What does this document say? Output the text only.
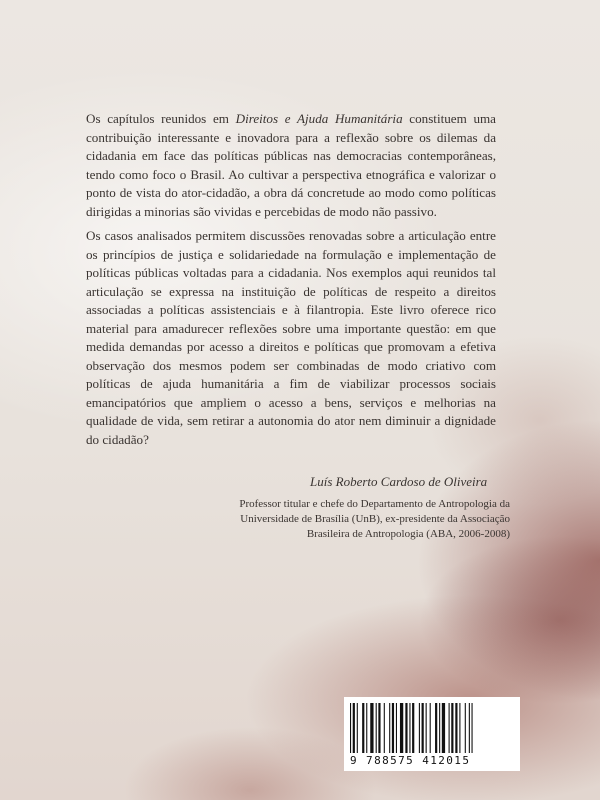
Os capítulos reunidos em Direitos e Ajuda Humanitária constituem uma contribuição interessante e inovadora para a reflexão sobre os dilemas da cidadania em face das políticas públicas nas democracias contemporâneas, tendo como foco o Brasil. Ao cultivar a perspectiva etnográfica e valorizar o ponto de vista do ator-cidadão, a obra dá concretude ao modo como políticas dirigidas a minorias são vividas e percebidas de modo não passivo.

Os casos analisados permitem discussões renovadas sobre a articulação entre os princípios de justiça e solidariedade na formulação e implementação de políticas públicas voltadas para a cidadania. Nos exemplos aqui reunidos tal articulação se expressa na instituição de políticas de respeito a direitos associadas a políticas assistenciais e à filantropia. Este livro oferece rico material para amadurecer reflexões sobre uma importante questão: em que medida demandas por acesso a direitos e políticas que promovam a efetiva observação dos mesmos podem ser combinadas de modo criativo com políticas de ajuda humanitária a fim de viabilizar processos sociais emancipatórios que ampliem o acesso a bens, serviços e melhorias na qualidade de vida, sem retirar a autonomia do ator nem diminuir a dignidade do cidadão?

Luís Roberto Cardoso de Oliveira
Professor titular e chefe do Departamento de Antropologia da
Universidade de Brasília (UnB), ex-presidente da Associação
Brasileira de Antropologia (ABA, 2006-2008)
9 788575 412015
